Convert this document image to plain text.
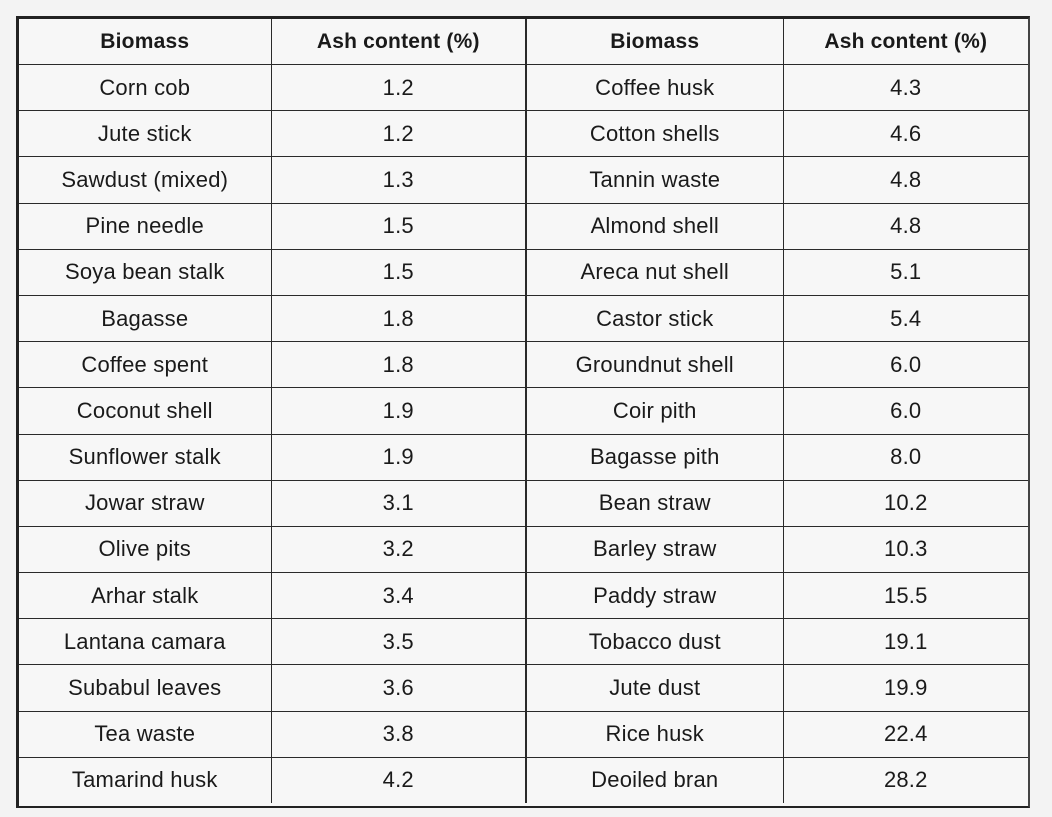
Biomass	Ash content (%)	Biomass	Ash content (%)
Corn cob	1.2	Coffee husk	4.3
Jute stick	1.2	Cotton shells	4.6
Sawdust (mixed)	1.3	Tannin waste	4.8
Pine needle	1.5	Almond shell	4.8
Soya bean stalk	1.5	Areca nut shell	5.1
Bagasse	1.8	Castor stick	5.4
Coffee spent	1.8	Groundnut shell	6.0
Coconut shell	1.9	Coir pith	6.0
Sunflower stalk	1.9	Bagasse pith	8.0
Jowar straw	3.1	Bean straw	10.2
Olive pits	3.2	Barley straw	10.3
Arhar stalk	3.4	Paddy straw	15.5
Lantana camara	3.5	Tobacco dust	19.1
Subabul leaves	3.6	Jute dust	19.9
Tea waste	3.8	Rice husk	22.4
Tamarind husk	4.2	Deoiled bran	28.2
